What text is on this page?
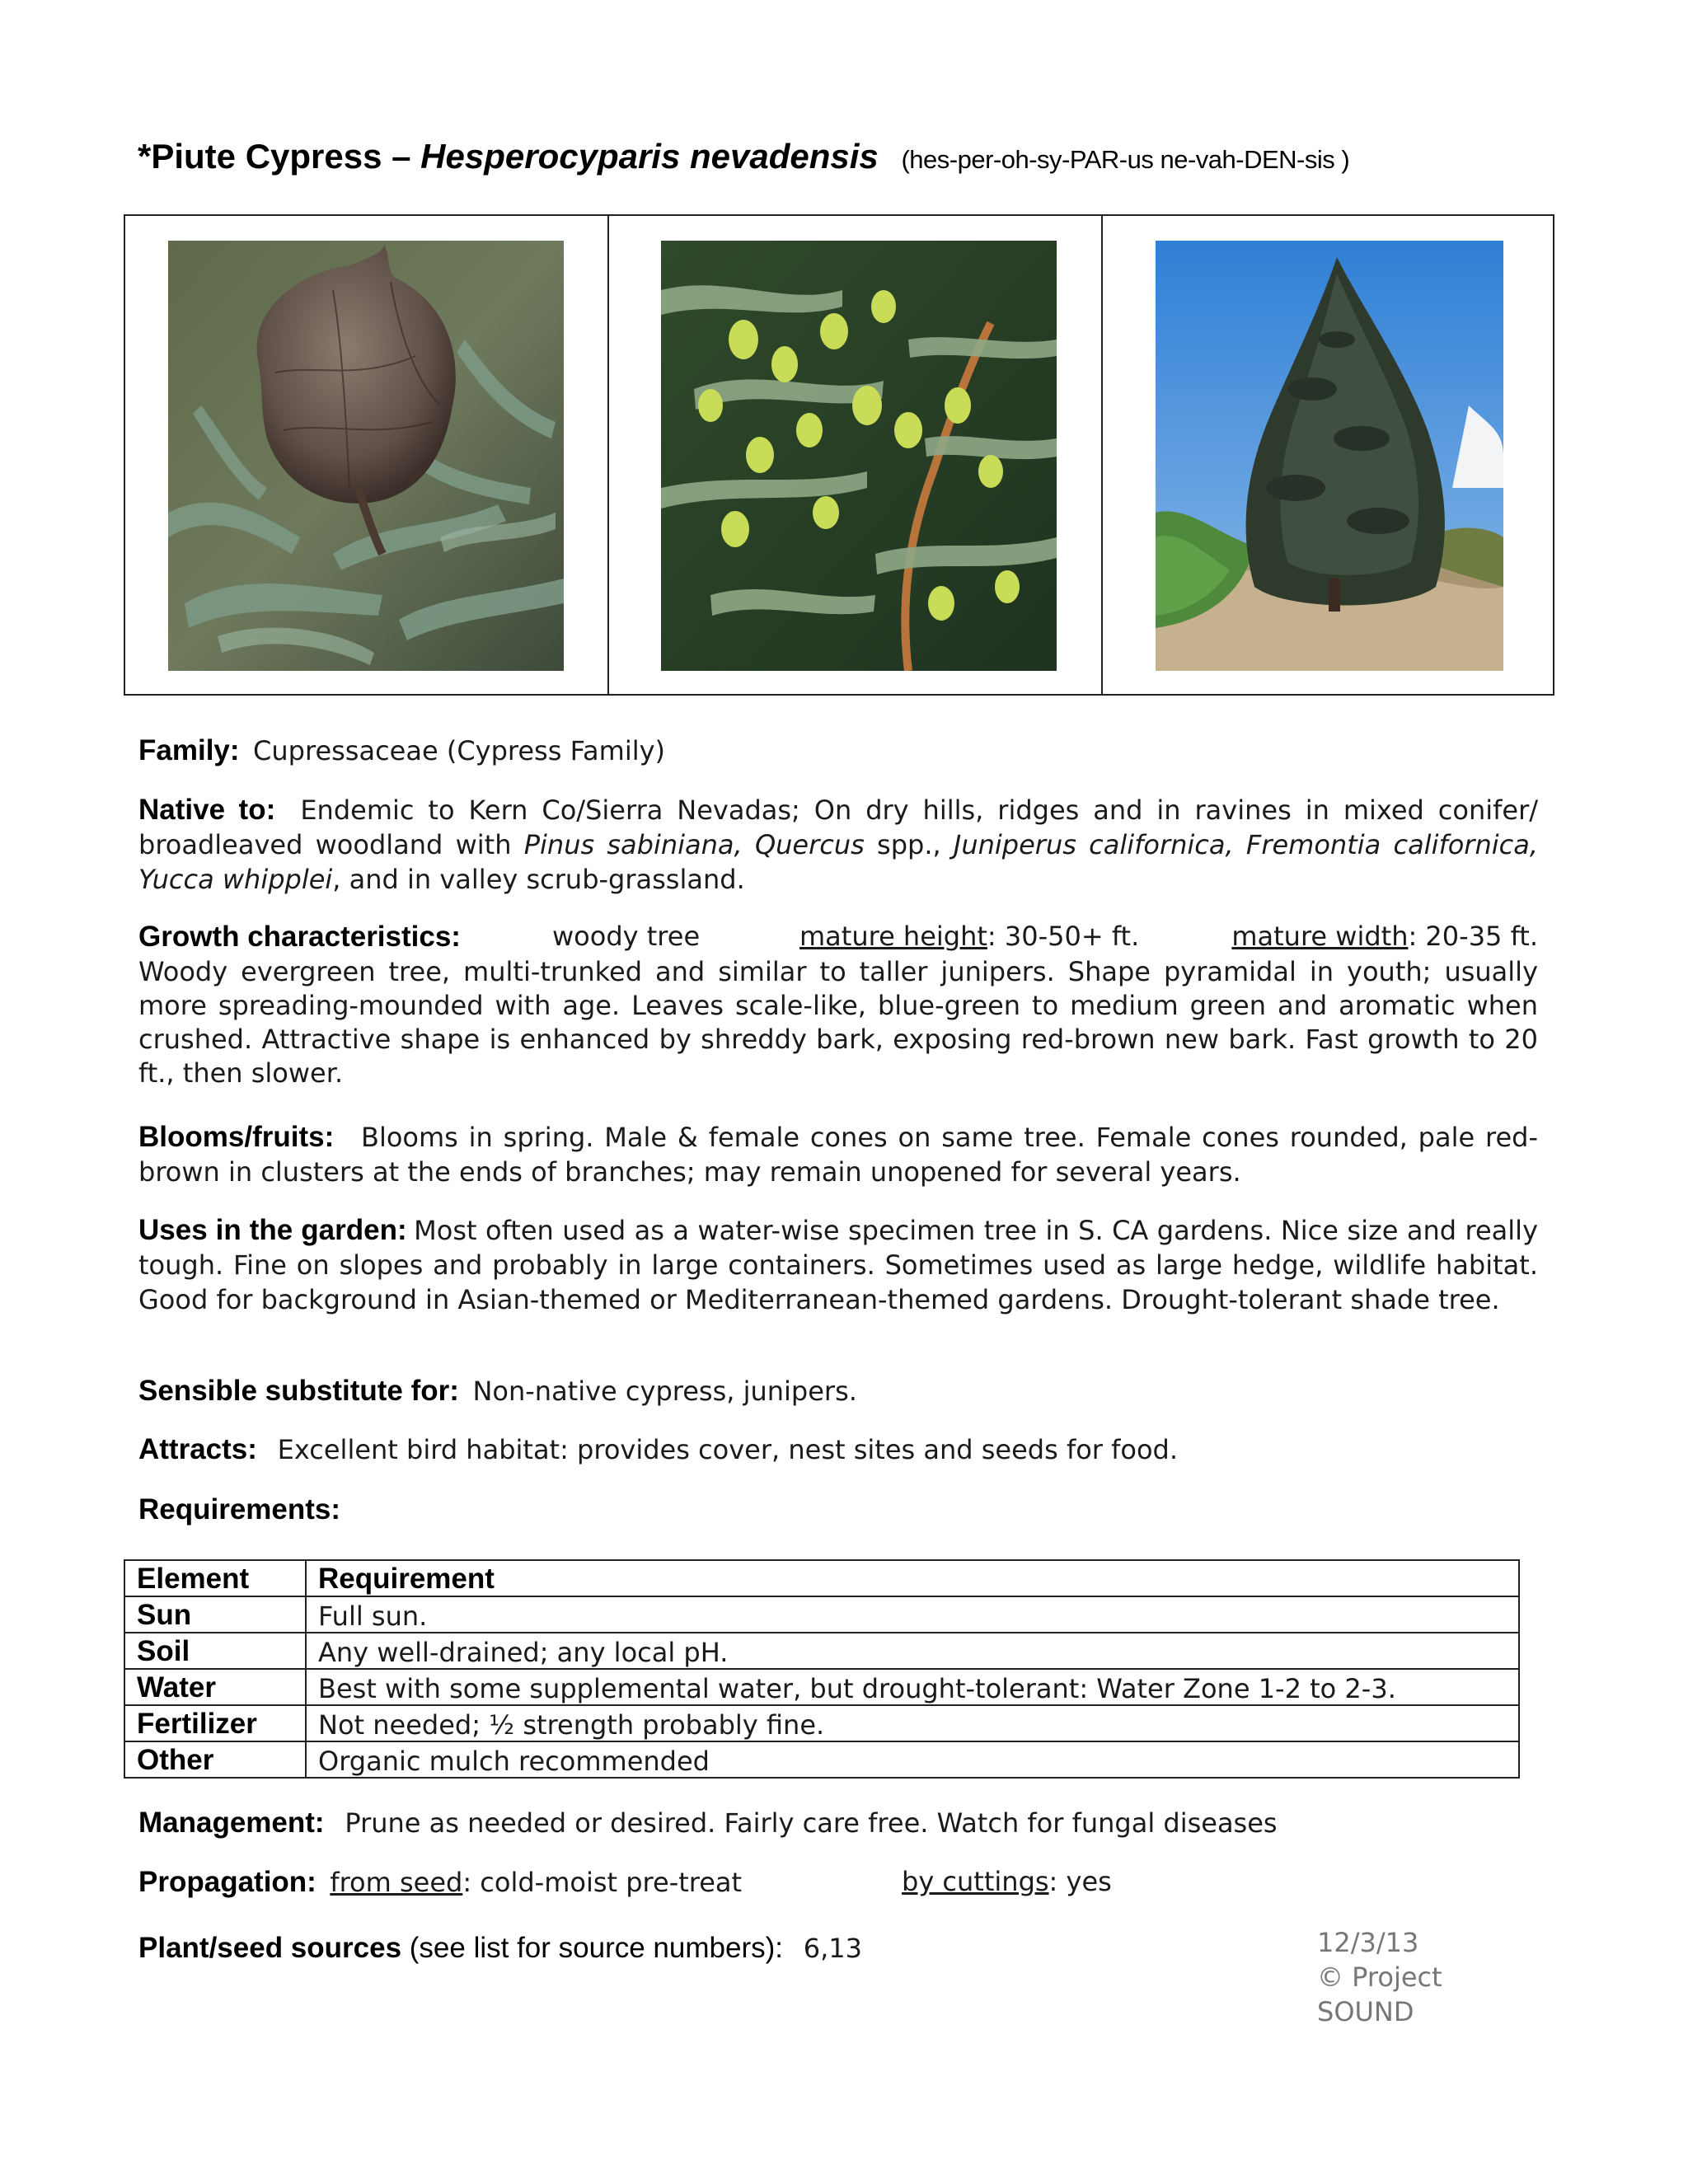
*Piute Cypress – Hesperocyparis nevadensis (hes-per-oh-sy-PAR-us ne-vah-DEN-sis )
Family: Cupressaceae (Cypress Family)
Native to: Endemic to Kern Co/Sierra Nevadas; On dry hills, ridges and in ravines in mixed conifer/ broadleaved woodland with Pinus sabiniana, Quercus spp., Juniperus californica, Fremontia californica, Yucca whipplei, and in valley scrub-grassland.
Growth characteristics:	woody tree	mature height: 30-50+ ft.	mature width: 20-35 ft.
Woody evergreen tree, multi-trunked and similar to taller junipers. Shape pyramidal in youth; usually more spreading-mounded with age. Leaves scale-like, blue-green to medium green and aromatic when crushed. Attractive shape is enhanced by shreddy bark, exposing red-brown new bark. Fast growth to 20 ft., then slower.
Blooms/fruits: Blooms in spring. Male & female cones on same tree. Female cones rounded, pale red-brown in clusters at the ends of branches; may remain unopened for several years.
Uses in the garden: Most often used as a water-wise specimen tree in S. CA gardens. Nice size and really tough. Fine on slopes and probably in large containers. Sometimes used as large hedge, wildlife habitat. Good for background in Asian-themed or Mediterranean-themed gardens. Drought-tolerant shade tree.
Sensible substitute for: Non-native cypress, junipers.
Attracts: Excellent bird habitat: provides cover, nest sites and seeds for food.
Requirements:
Element	Requirement
Sun	Full sun.
Soil	Any well-drained; any local pH.
Water	Best with some supplemental water, but drought-tolerant: Water Zone 1-2 to 2-3.
Fertilizer	Not needed; ½ strength probably fine.
Other	Organic mulch recommended
Management: Prune as needed or desired. Fairly care free. Watch for fungal diseases
Propagation: from seed: cold-moist pre-treat	by cuttings: yes
Plant/seed sources (see list for source numbers): 6,13	12/3/13
© Project SOUND
